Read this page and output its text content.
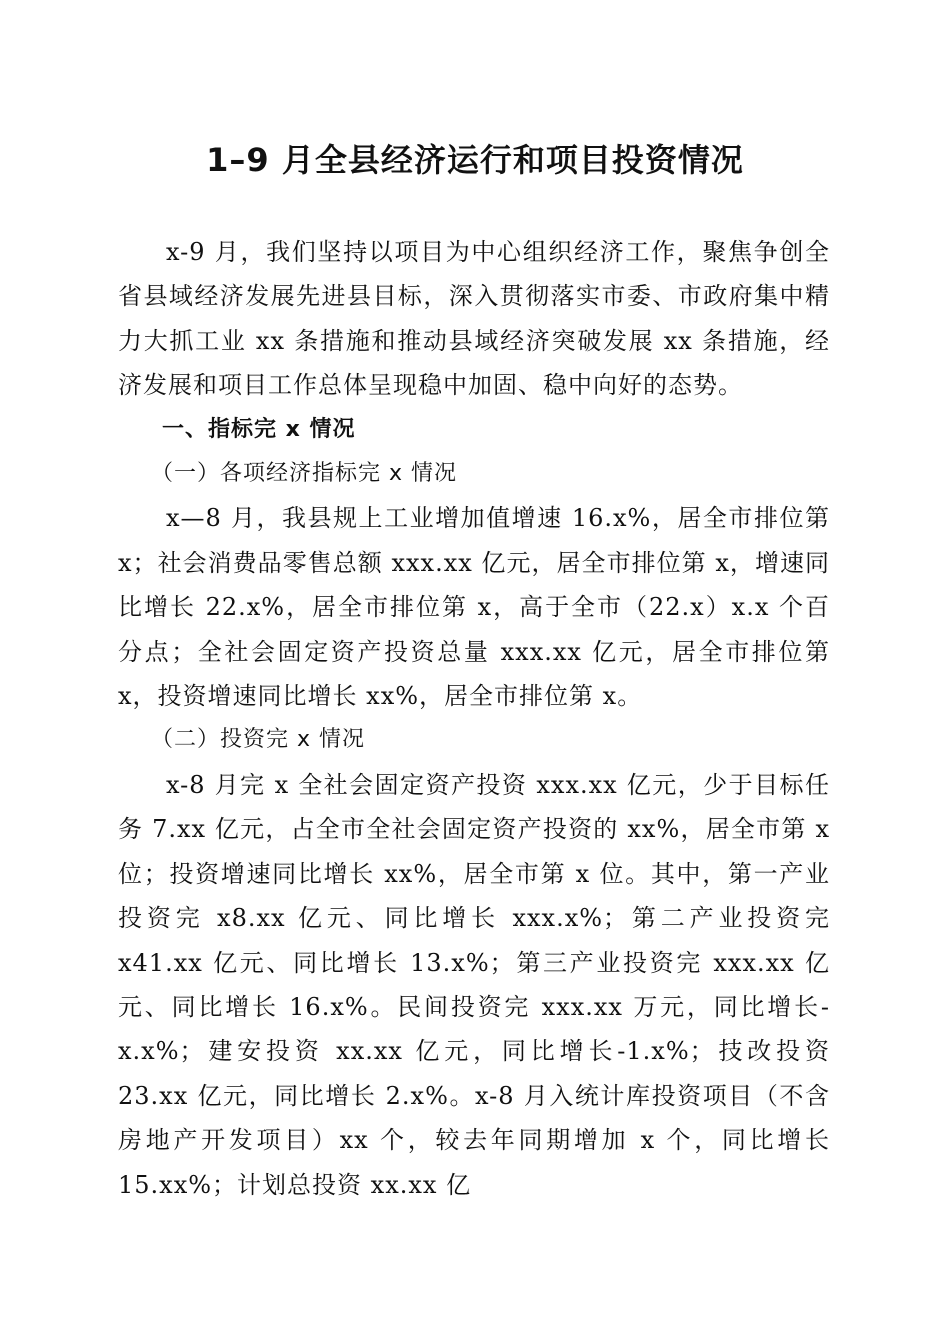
1–9 月全县经济运行和项目投资情况

x-9 月，我们坚持以项目为中心组织经济工作，聚焦争创全省县域经济发展先进县目标，深入贯彻落实市委、市政府集中精力大抓工业 xx 条措施和推动县域经济突破发展 xx 条措施，经济发展和项目工作总体呈现稳中加固、稳中向好的态势。

一、指标完 x 情况

（一）各项经济指标完 x 情况

x—8 月，我县规上工业增加值增速 16.x%，居全市排位第 x；社会消费品零售总额 xxx.xx 亿元，居全市排位第 x，增速同比增长 22.x%，居全市排位第 x，高于全市（22.x）x.x 个百分点；全社会固定资产投资总量 xxx.xx 亿元，居全市排位第 x，投资增速同比增长 xx%，居全市排位第 x。

（二）投资完 x 情况

x-8 月完 x 全社会固定资产投资 xxx.xx 亿元，少于目标任务 7.xx 亿元，占全市全社会固定资产投资的 xx%，居全市第 x 位；投资增速同比增长 xx%，居全市第 x 位。其中，第一产业投资完 x8.xx 亿元、同比增长 xxx.x%；第二产业投资完 x41.xx 亿元、同比增长 13.x%；第三产业投资完 xxx.xx 亿元、同比增长 16.x%。民间投资完 xxx.xx 万元，同比增长-x.x%；建安投资 xx.xx 亿元，同比增长-1.x%；技改投资 23.xx 亿元，同比增长 2.x%。x-8 月入统计库投资项目（不含房地产开发项目）xx 个，较去年同期增加 x 个，同比增长 15.xx%；计划总投资 xx.xx 亿
